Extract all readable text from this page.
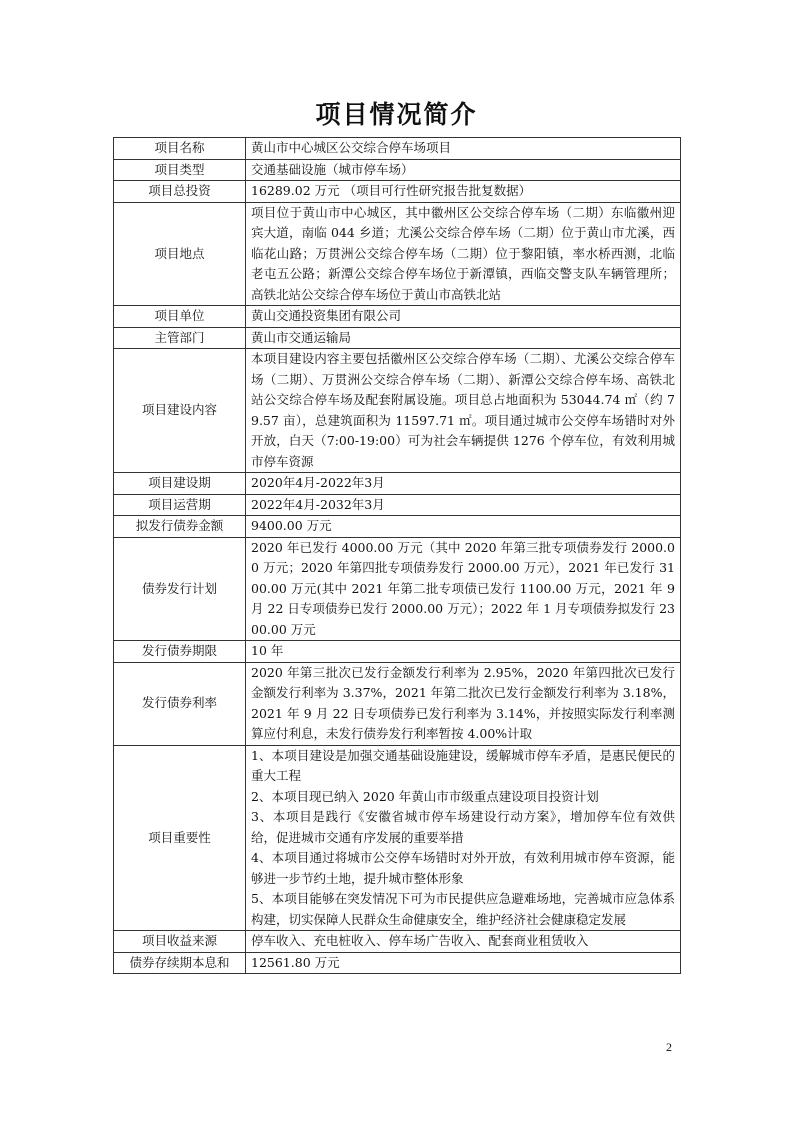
项目情况简介
项目名称	黄山市中心城区公交综合停车场项目

项目类型	交通基础设施（城市停车场）

项目总投资	16289.02 万元 （项目可行性研究报告批复数据）

项目地点	项目位于黄山市中心城区，其中徽州区公交综合停车场（二期）东临徽州迎宾大道，南临 044 乡道；尤溪公交综合停车场（二期）位于黄山市尤溪，西临花山路；万贯洲公交综合停车场（二期）位于黎阳镇，率水桥西测，北临老屯五公路；新潭公交综合停车场位于新潭镇，西临交警支队车辆管理所；高铁北站公交综合停车场位于黄山市高铁北站

项目单位	黄山交通投资集团有限公司

主管部门	黄山市交通运输局

项目建设内容	本项目建设内容主要包括徽州区公交综合停车场（二期）、尤溪公交综合停车场（二期）、万贯洲公交综合停车场（二期）、新潭公交综合停车场、高铁北站公交综合停车场及配套附属设施。项目总占地面积为 53044.74 ㎡（约 79.57 亩），总建筑面积为 11597.71 ㎡。项目通过城市公交停车场错时对外开放，白天（7:00-19:00）可为社会车辆提供 1276 个停车位，有效利用城市停车资源

项目建设期	2020年4月-2022年3月

项目运营期	2022年4月-2032年3月

拟发行债券金额	9400.00 万元

债券发行计划	2020 年已发行 4000.00 万元（其中 2020 年第三批专项债券发行 2000.00 万元；2020 年第四批专项债券发行 2000.00 万元），2021 年已发行 3100.00 万元(其中 2021 年第二批专项债已发行 1100.00 万元，2021 年 9 月 22 日专项债券已发行 2000.00 万元）；2022 年 1 月专项债券拟发行 2300.00 万元

发行债券期限	10 年

发行债券利率	2020 年第三批次已发行金额发行利率为 2.95%，2020 年第四批次已发行金额发行利率为 3.37%，2021 年第二批次已发行金额发行利率为 3.18%，2021 年 9 月 22 日专项债券已发行利率为 3.14%，并按照实际发行利率测算应付利息，未发行债券发行利率暂按 4.00%计取

项目重要性	1、本项目建设是加强交通基础设施建设，缓解城市停车矛盾，是惠民便民的重大工程
2、本项目现已纳入 2020 年黄山市市级重点建设项目投资计划
3、本项目是践行《安徽省城市停车场建设行动方案》，增加停车位有效供给，促进城市交通有序发展的重要举措
4、本项目通过将城市公交停车场错时对外开放，有效利用城市停车资源，能够进一步节约土地，提升城市整体形象
5、本项目能够在突发情况下可为市民提供应急避难场地，完善城市应急体系构建，切实保障人民群众生命健康安全，维护经济社会健康稳定发展

项目收益来源	停车收入、充电桩收入、停车场广告收入、配套商业租赁收入

债券存续期本息和	12561.80 万元
2
